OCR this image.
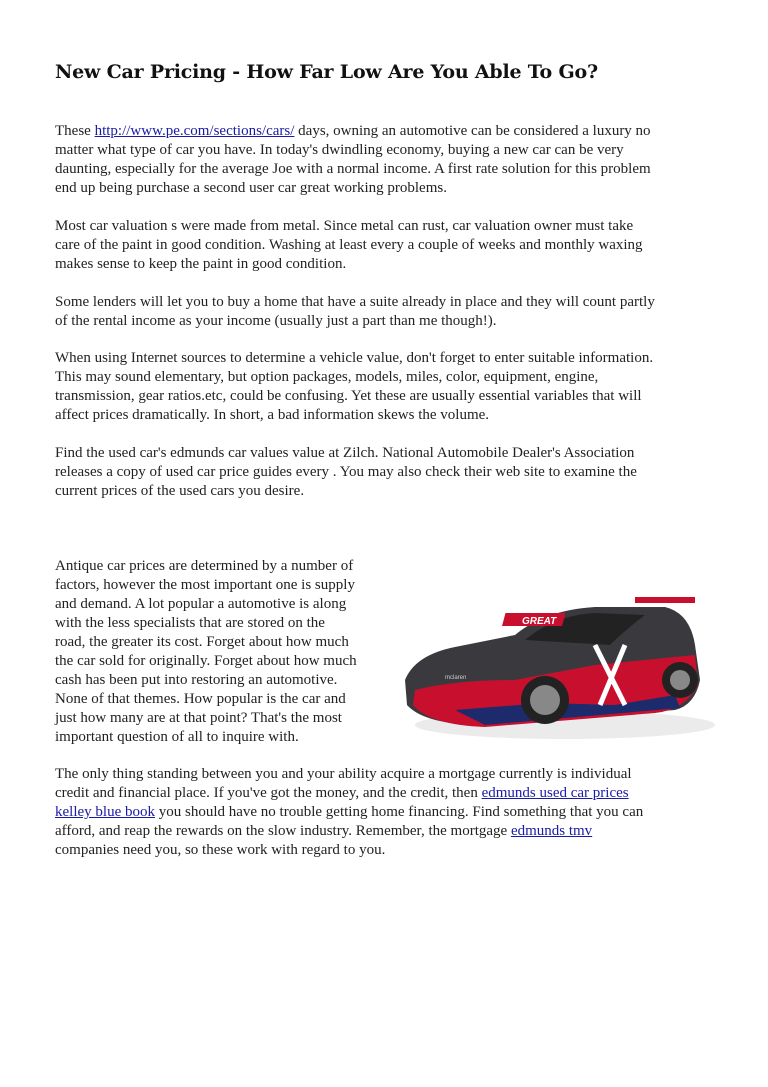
New Car Pricing - How Far Low Are You Able To Go?
These http://www.pe.com/sections/cars/ days, owning an automotive can be considered a luxury no
matter what type of car you have. In today's dwindling economy, buying a new car can be very
daunting, especially for the average Joe with a normal income. A first rate solution for this problem
end up being purchase a second user car great working problems.
Most car valuation s were made from metal. Since metal can rust, car valuation owner must take
care of the paint in good condition. Washing at least every a couple of weeks and monthly waxing
makes sense to keep the paint in good condition.
Some lenders will let you to buy a home that have a suite already in place and they will count partly
of the rental income as your income (usually just a part than me though!).
When using Internet sources to determine a vehicle value, don't forget to enter suitable information.
This may sound elementary, but option packages, models, miles, color, equipment, engine,
transmission, gear ratios.etc, could be confusing. Yet these are usually essential variables that will
affect prices dramatically. In short, a bad information skews the volume.
Find the used car's edmunds car values value at Zilch. National Automobile Dealer's Association
releases a copy of used car price guides every . You may also check their web site to examine the
current prices of the used cars you desire.
Antique car prices are determined by a number of
factors, however the most important one is supply
and demand. A lot popular a automotive is along
with the less specialists that are stored on the
road, the greater its cost. Forget about how much
the car sold for originally. Forget about how much
cash has been put into restoring an automotive.
None of that themes. How popular is the car and
just how many are at that point? That's the most
important question of all to inquire with.
GREAT
mclaren
The only thing standing between you and your ability acquire a mortgage currently is individual
credit and financial place. If you've got the money, and the credit, then edmunds used car prices
kelley blue book you should have no trouble getting home financing. Find something that you can
afford, and reap the rewards on the slow industry. Remember, the mortgage edmunds tmv
companies need you, so these work with regard to you.
